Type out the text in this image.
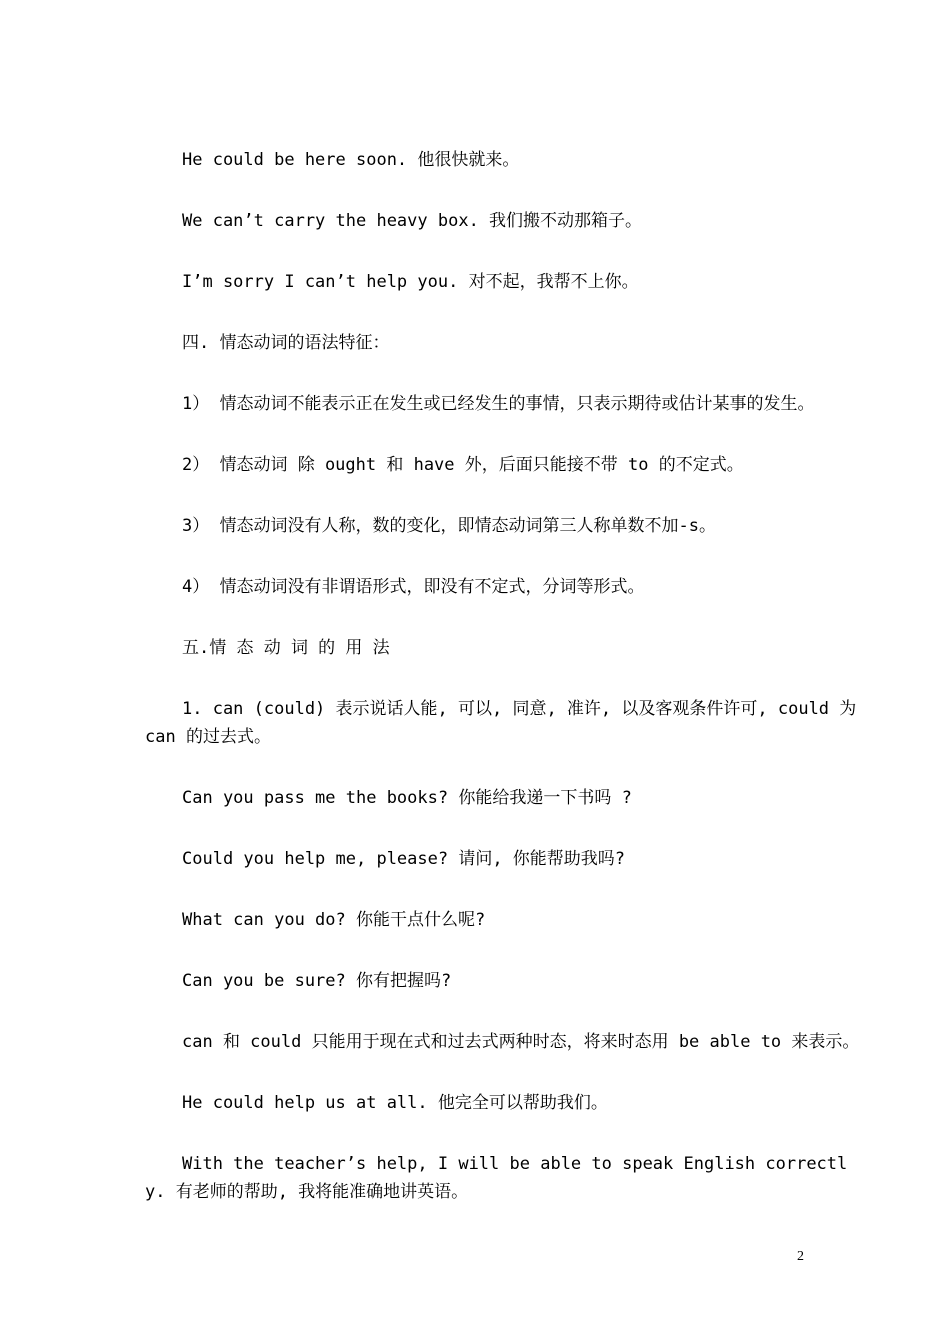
He could be here soon. 他很快就来。

We can’t carry the heavy box. 我们搬不动那箱子。

I’m sorry I can’t help you. 对不起，我帮不上你。

四. 情态动词的语法特征：

1） 情态动词不能表示正在发生或已经发生的事情，只表示期待或估计某事的发生。

2） 情态动词 除 ought 和 have 外，后面只能接不带 to 的不定式。

3） 情态动词没有人称，数的变化，即情态动词第三人称单数不加-s。

4） 情态动词没有非谓语形式，即没有不定式，分词等形式。

五.情 态 动 词 的 用 法

1. can (could) 表示说话人能, 可以, 同意, 准许, 以及客观条件许可, could 为 can 的过去式。

Can you pass me the books? 你能给我递一下书吗 ?

Could you help me, please? 请问, 你能帮助我吗?

What can you do? 你能干点什么呢?

Can you be sure? 你有把握吗?

can 和 could 只能用于现在式和过去式两种时态，将来时态用 be able to 来表示。

He could help us at all. 他完全可以帮助我们。

With the teacher’s help, I will be able to speak English correctly. 有老师的帮助, 我将能准确地讲英语。

2
